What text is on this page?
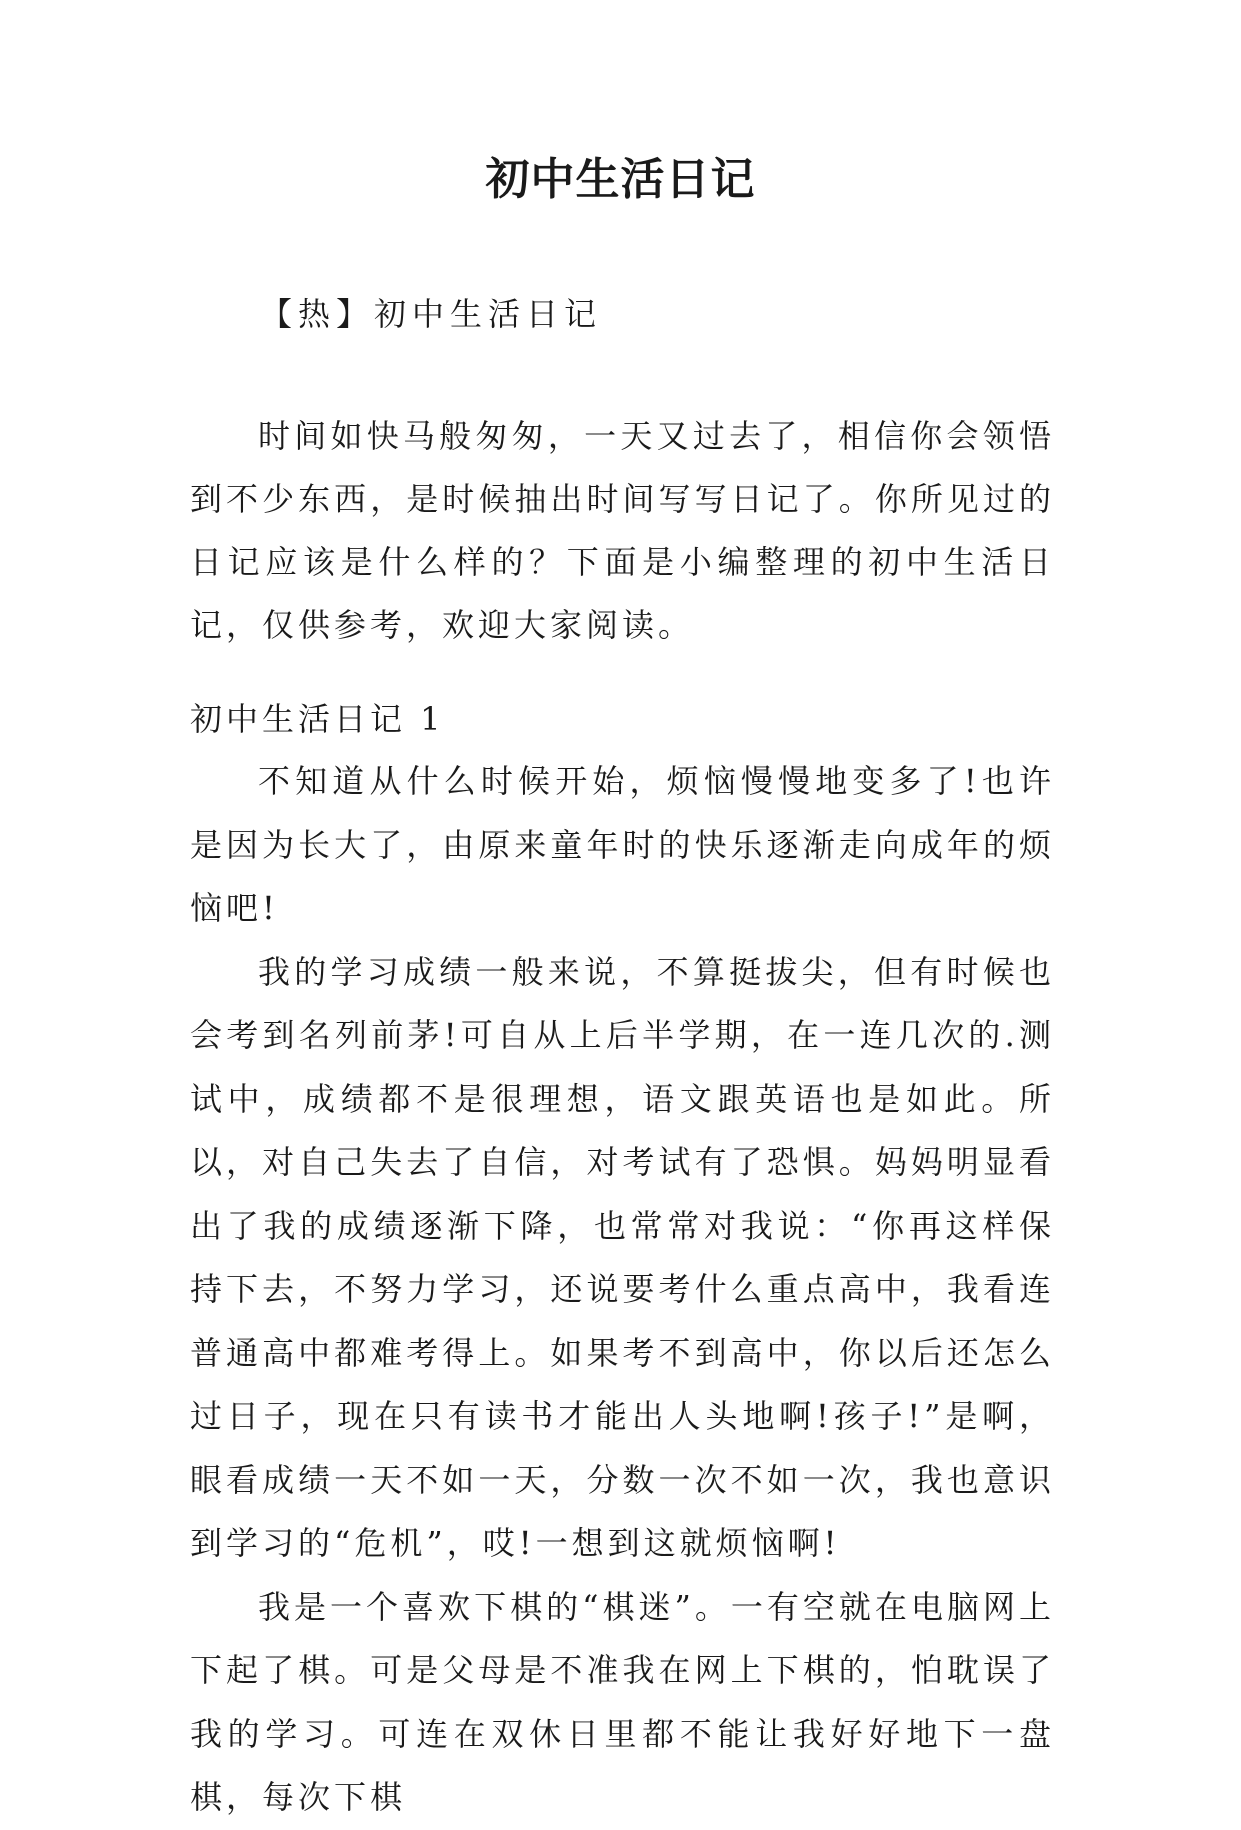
初中生活日记
【热】初中生活日记
时间如快马般匆匆，一天又过去了，相信你会领悟到不少东西，是时候抽出时间写写日记了。你所见过的日记应该是什么样的？下面是小编整理的初中生活日记，仅供参考，欢迎大家阅读。
初中生活日记 1

不知道从什么时候开始，烦恼慢慢地变多了!也许是因为长大了，由原来童年时的快乐逐渐走向成年的烦恼吧!

我的学习成绩一般来说，不算挺拔尖，但有时候也会考到名列前茅!可自从上后半学期，在一连几次的.测试中，成绩都不是很理想，语文跟英语也是如此。所以，对自己失去了自信，对考试有了恐惧。妈妈明显看出了我的成绩逐渐下降，也常常对我说：“你再这样保持下去，不努力学习，还说要考什么重点高中，我看连普通高中都难考得上。如果考不到高中，你以后还怎么过日子，现在只有读书才能出人头地啊!孩子!”是啊，眼看成绩一天不如一天，分数一次不如一次，我也意识到学习的“危机”，哎!一想到这就烦恼啊!

我是一个喜欢下棋的“棋迷”。一有空就在电脑网上下起了棋。可是父母是不准我在网上下棋的，怕耽误了我的学习。可连在双休日里都不能让我好好地下一盘棋，每次下棋
